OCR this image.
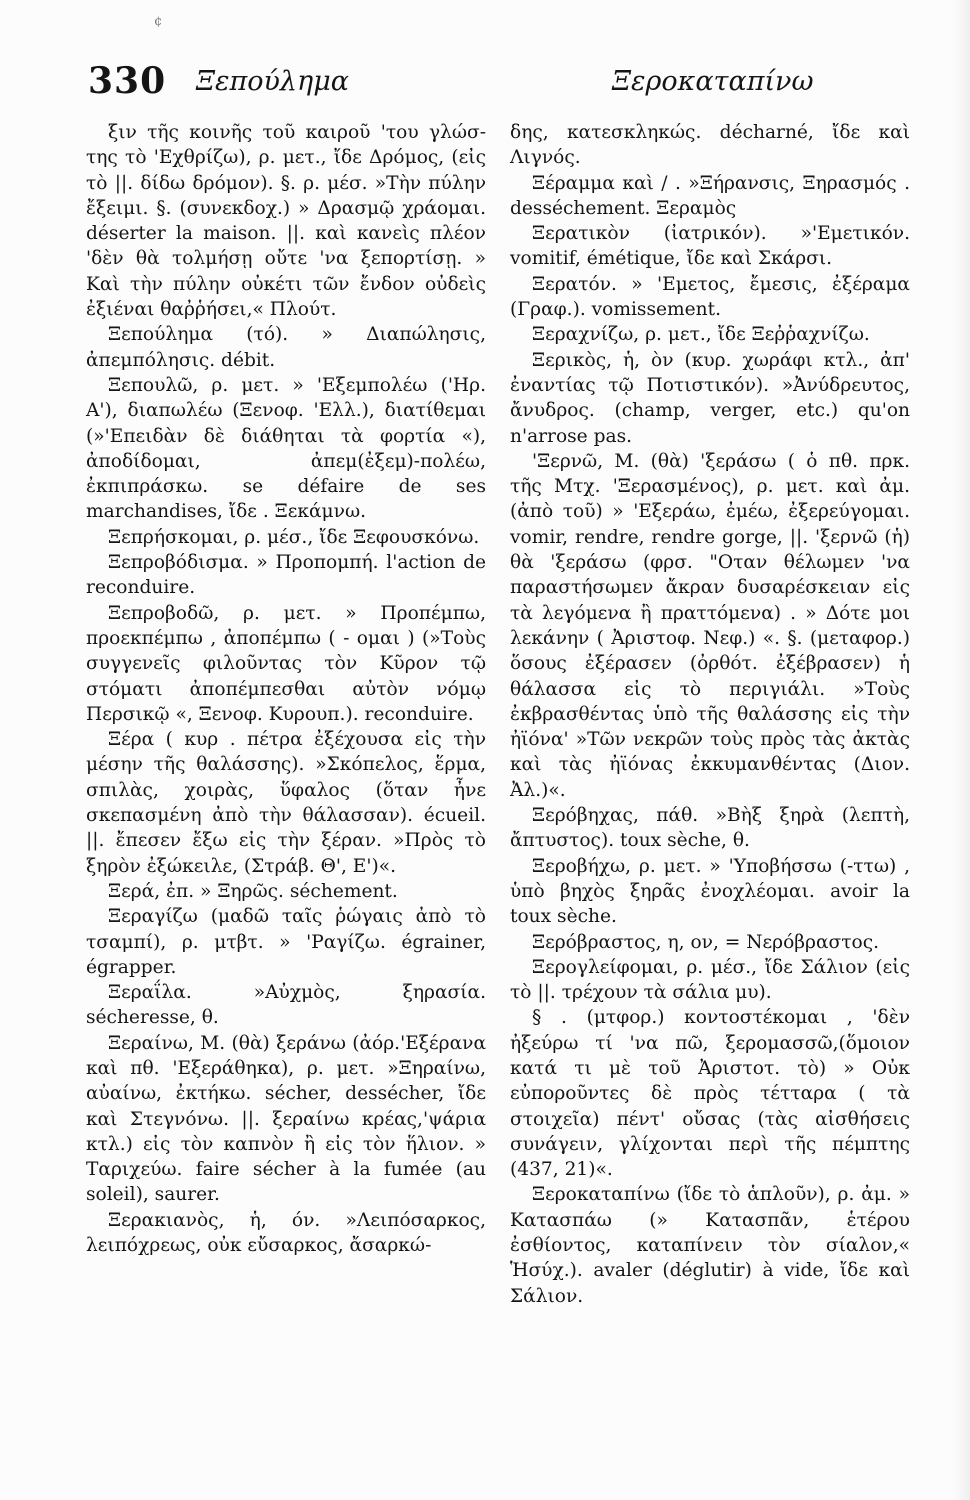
¢
330 Ξεπούλημα	Ξεροκαταπίνω

ξιν τῆς κοινῆς τοῦ καιροῦ 'του γλώσ-της τὸ 'Εχθρίζω), ρ. μετ., ἴδε Δρόμος, (εἰς τὸ ||. δίδω δρόμον). §. ρ. μέσ. »Τὴν πύλην ἔξειμι. §. (συνεκδοχ.) » Δρασμῷ χράομαι. déserter la maison. ||. καὶ κανεὶς πλέον 'δὲν θὰ τολμήσῃ οὔτε 'να ξεπορτίσῃ. » Καὶ τὴν πύλην οὐκέτι τῶν ἔνδον οὐδεὶς ἐξιέναι θαῤῥήσει,« Πλούτ.

Ξεπούλημα (τό). » Διαπώλησις, ἀπεμπόλησις. débit.

Ξεπουλῶ, ρ. μετ. » 'Εξεμπολέω ('Ηρ. Α'), διαπωλέω (Ξενοφ. 'Ελλ.), διατίθεμαι (»'Επειδὰν δὲ διάθηται τὰ φορτία «), ἀποδίδομαι, ἀπεμ(ἐξεμ)-πολέω, ἐκπιπράσκω. se défaire de ses marchandises, ἴδε . Ξεκάμνω.

Ξεπρήσκομαι, ρ. μέσ., ἴδε Ξεφουσκόνω.

Ξεπροβόδισμα. » Προπομπή. l'action de reconduire.

Ξεπροβοδῶ, ρ. μετ. » Προπέμπω, προεκπέμπω , ἀποπέμπω ( - ομαι ) (»Τοὺς συγγενεῖς φιλοῦντας τὸν Κῦρον τῷ στόματι ἀποπέμπεσθαι αὐτὸν νόμῳ Περσικῷ «, Ξενοφ. Κυρουπ.). reconduire.

Ξέρα ( κυρ . πέτρα ἐξέχουσα εἰς τὴν μέσην τῆς θαλάσσης). »Σκόπελος, ἕρμα, σπιλὰς, χοιρὰς, ὕφαλος (ὅταν ἦνε σκεπασμένη ἀπὸ τὴν θάλασσαν). écueil. ||. ἔπεσεν ἔξω εἰς τὴν ξέραν. »Πρὸς τὸ ξηρὸν ἐξώκειλε, (Στράβ. Θ', Ε')«.

Ξερά, ἐπ. » Ξηρῶς. séchement.

Ξεραγίζω (μαδῶ ταῖς ῥώγαις ἀπὸ τὸ τσαμπί), ρ. μτβτ. » 'Ραγίζω. égrainer, égrapper.

Ξεραΐλα. »Αὐχμὸς, ξηρασία. sécheresse, θ.

Ξεραίνω, Μ. (θὰ) ξεράνω (ἀόρ.'Εξέρανα καὶ πθ. 'Εξεράθηκα), ρ. μετ. »Ξηραίνω, αὐαίνω, ἐκτήκω. sécher, dessécher, ἴδε καὶ Στεγνόνω. ||. ξεραίνω κρέας,'ψάρια κτλ.) εἰς τὸν καπνὸν ἢ εἰς τὸν ἥλιον. » Ταριχεύω. faire sécher à la fumée (au soleil), saurer.

Ξερακιανὸς, ἡ, όν. »Λειπόσαρκος, λειπόχρεως, οὐκ εὔσαρκος, ἄσαρκώ-

δης, κατεσκληκώς. décharné, ἴδε καὶ Λιγνός.

Ξέραμμα καὶ / . »Ξήρανσις, Ξηρασμός . desséchement. Ξεραμὸς

Ξερατικὸν (ἰατρικόν). »'Εμετικόν. vomitif, émétique, ἴδε καὶ Σκάρσι.

Ξερατόν. » 'Εμετος, ἔμεσις, ἐξέραμα (Γραφ.). vomissement.

Ξεραχνίζω, ρ. μετ., ἴδε Ξεῤῥαχνίζω.

Ξερικὸς, ἡ, ὸν (κυρ. χωράφι κτλ., ἀπ' ἐναντίας τῷ Ποτιστικόν). »Ἀνύδρευτος, ἄνυδρος. (champ, verger, etc.) qu'on n'arrose pas.

'Ξερνῶ, Μ. (θὰ) 'ξεράσω ( ὁ πθ. πρκ. τῆς Μτχ. 'Ξερασμένος), ρ. μετ. καὶ ἀμ. (ἀπὸ τοῦ) » 'Εξεράω, ἐμέω, ἐξερεύγομαι. vomir, rendre, rendre gorge, ||. 'ξερνῶ (ἡ) θὰ 'ξεράσω (φρσ. "Οταν θέλωμεν 'να παραστήσωμεν ἄκραν δυσαρέσκειαν εἰς τὰ λεγόμενα ἢ πραττόμενα) . » Δότε μοι λεκάνην ( Ἀριστοφ. Νεφ.) «. §. (μεταφορ.) ὅσους ἐξέρασεν (ὀρθότ. ἐξέβρασεν) ἡ θάλασσα εἰς τὸ περιγιάλι. »Τοὺς ἐκβρασθέντας ὑπὸ τῆς θαλάσσης εἰς τὴν ἠϊόνα' »Τῶν νεκρῶν τοὺς πρὸς τὰς ἀκτὰς καὶ τὰς ἠϊόνας ἐκκυμανθέντας (Διον. Ἀλ.)«.

Ξερόβηχας, πάθ. »Βὴξ ξηρὰ (λεπτὴ, ἄπτυστος). toux sèche, θ.

Ξεροβήχω, ρ. μετ. » 'Υποβήσσω (-ττω) , ὑπὸ βηχὸς ξηρᾶς ἐνοχλέομαι. avoir la toux sèche.

Ξερόβραστος, η, ον, = Νερόβραστος.

Ξερογλείφομαι, ρ. μέσ., ἴδε Σάλιον (εἰς τὸ ||. τρέχουν τὰ σάλια μυ).

§ . (μτφορ.) κοντοστέκομαι , 'δὲν ἠξεύρω τί 'να πῶ, ξερομασσῶ,(ὅμοιον κατά τι μὲ τοῦ Ἀριστοτ. τὸ) » Οὐκ εὐποροῦντες δὲ πρὸς τέτταρα ( τὰ στοιχεῖα) πέντ' οὔσας (τὰς αἰσθήσεις συνάγειν, γλίχονται περὶ τῆς πέμπτης (437, 21)«.

Ξεροκαταπίνω (ἴδε τὸ ἁπλοῦν), ρ. ἀμ. » Κατασπάω (» Κατασπᾶν, ἑτέρου ἐσθίοντος, καταπίνειν τὸν σίαλον,« Ἡσύχ.). avaler (déglutir) à vide, ἴδε καὶ Σάλιον.
